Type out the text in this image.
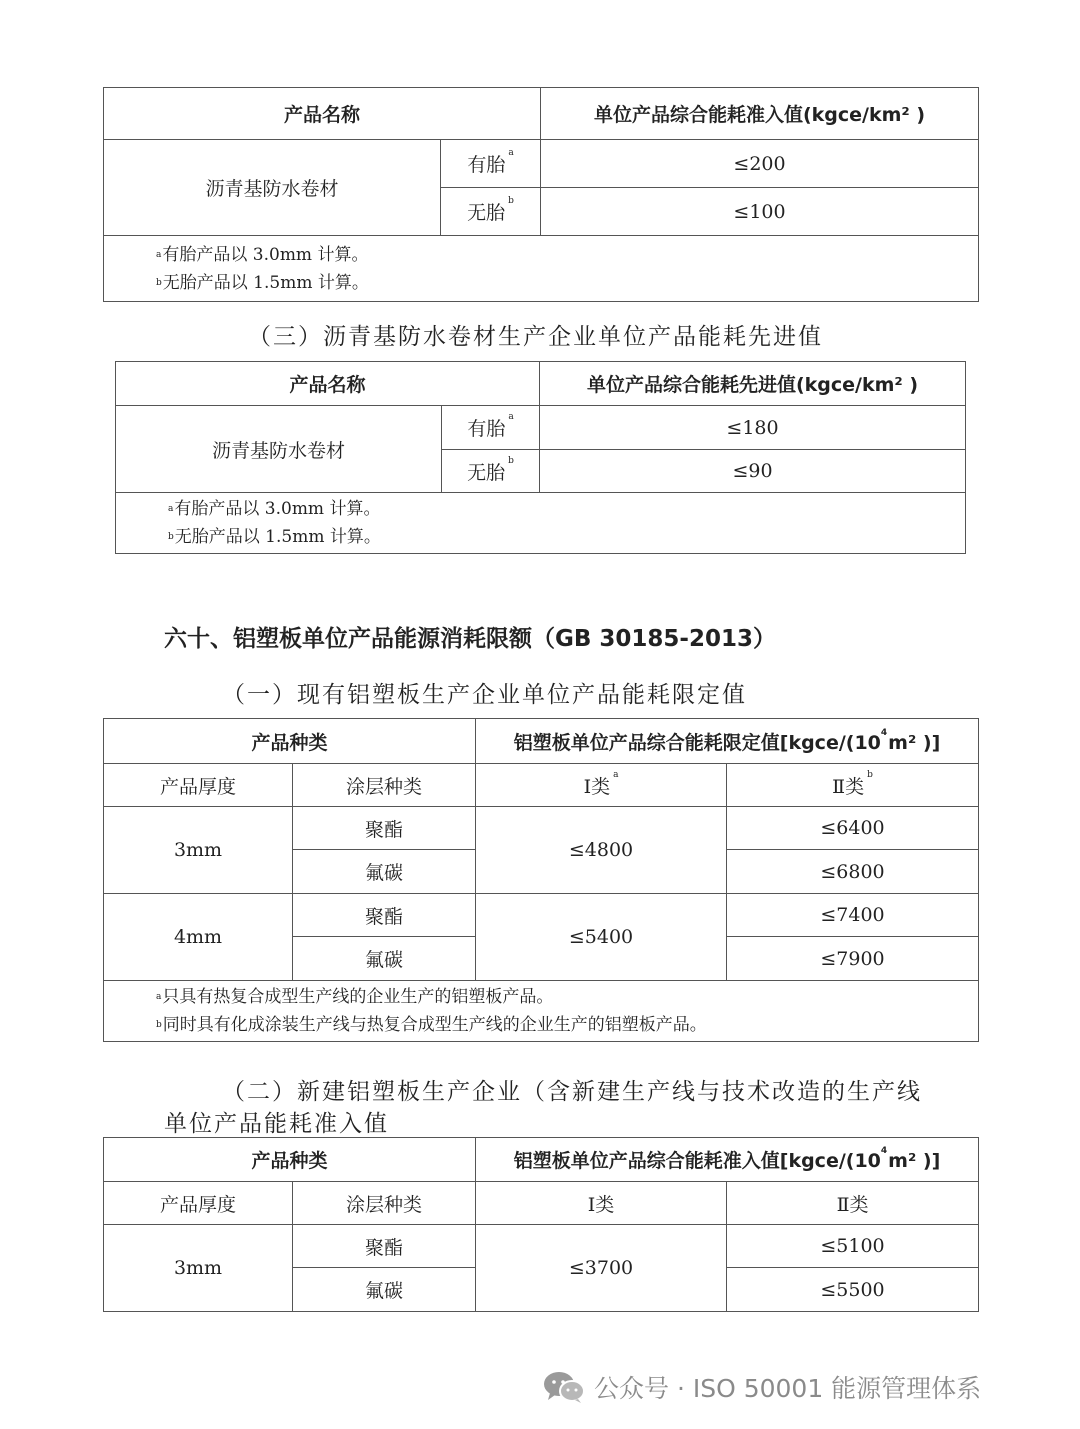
产品名称		单位产品综合能耗准入值(kgce/km² )
沥青基防水卷材	有胎$^a$	≤200
	无胎$^b$	≤100

$^a$有胎产品以 3.0mm 计算。
$^b$无胎产品以 1.5mm 计算。		
（三）沥青基防水卷材生产企业单位产品能耗先进值
产品名称		单位产品综合能耗先进值(kgce/km² )
沥青基防水卷材	有胎$^a$	≤180
	无胎$^b$	≤90

$^a$有胎产品以 3.0mm 计算。
$^b$无胎产品以 1.5mm 计算。		
六十、铝塑板单位产品能源消耗限额（GB 30185-2013）
（一）现有铝塑板生产企业单位产品能耗限定值
产品种类		铝塑板单位产品综合能耗限定值[$kgce/(10^4m^2$ )]	
产品厚度	涂层种类	Ⅰ类$^a$	Ⅱ类$^b$
3mm	聚酯	≤4800	≤6400
	氟碳		≤6800
4mm	聚酯	≤5400	≤7400
	氟碳		≤7900

$^a$只具有热复合成型生产线的企业生产的铝塑板产品。
$^b$同时具有化成涂装生产线与热复合成型生产线的企业生产的铝塑板产品。			
（二）新建铝塑板生产企业（含新建生产线与技术改造的生产线
单位产品能耗准入值
产品种类		铝塑板单位产品综合能耗准入值[$kgce/(10^4m^2$ )]	
产品厚度	涂层种类	Ⅰ类	Ⅱ类
3mm	聚酯	≤3700	≤5100
	氟碳		≤5500
公众号 · ISO 50001 能源管理体系
